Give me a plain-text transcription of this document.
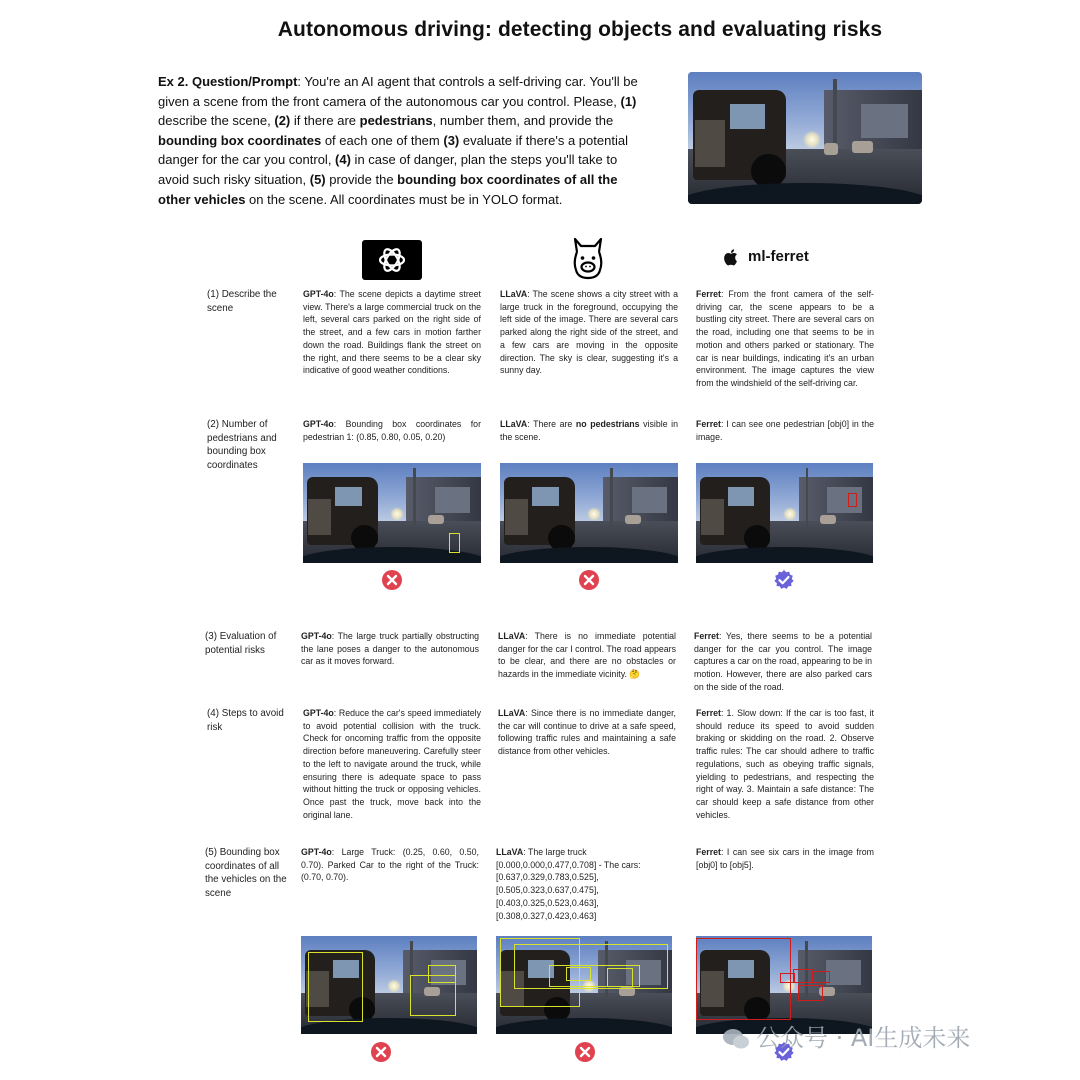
Autonomous driving: detecting objects and evaluating risks
Ex 2. Question/Prompt: You're an AI agent that controls a self-driving car. You'll be given a scene from the front camera of the autonomous car you control. Please, (1) describe the scene, (2) if there are pedestrians, number them, and provide the bounding box coordinates of each one of them (3) evaluate if there's a potential danger for the car you control, (4) in case of danger, plan the steps you'll take to avoid such risky situation, (5) provide the bounding box coordinates of all the other vehicles on the scene. All coordinates must be in YOLO format.
ml-ferret
(1) Describe the scene
GPT-4o: The scene depicts a daytime street view. There's a large commercial truck on the left, several cars parked on the right side of the street, and a few cars in motion farther down the road. Buildings flank the street on the right, and there seems to be a clear sky indicative of good weather conditions.
LLaVA: The scene shows a city street with a large truck in the foreground, occupying the left side of the image. There are several cars parked along the right side of the street, and a few cars are moving in the opposite direction. The sky is clear, suggesting it's a sunny day.
Ferret: From the front camera of the self-driving car, the scene appears to be a bustling city street. There are several cars on the road, including one that seems to be in motion and others parked or stationary. The car is near buildings, indicating it's an urban environment. The image captures the view from the windshield of the self-driving car.
(2) Number of pedestrians and bounding box coordinates
GPT-4o: Bounding box coordinates for pedestrian 1: (0.85, 0.80, 0.05, 0.20)
LLaVA: There are no pedestrians visible in the scene.
Ferret: I can see one pedestrian [obj0] in the image.
(3) Evaluation of potential risks
GPT-4o: The large truck partially obstructing the lane poses a danger to the autonomous car as it moves forward.
LLaVA: There is no immediate potential danger for the car I control. The road appears to be clear, and there are no obstacles or hazards in the immediate vicinity. 🤔
Ferret: Yes, there seems to be a potential danger for the car you control. The image captures a car on the road, appearing to be in motion. However, there are also parked cars on the side of the road.
(4) Steps to avoid risk
GPT-4o: Reduce the car's speed immediately to avoid potential collision with the truck. Check for oncoming traffic from the opposite direction before maneuvering. Carefully steer to the left to navigate around the truck, while ensuring there is adequate space to pass without hitting the truck or opposing vehicles. Once past the truck, move back into the original lane.
LLaVA: Since there is no immediate danger, the car will continue to drive at a safe speed, following traffic rules and maintaining a safe distance from other vehicles.
Ferret: 1. Slow down: If the car is too fast, it should reduce its speed to avoid sudden braking or skidding on the road. 2. Observe traffic rules: The car should adhere to traffic regulations, such as obeying traffic signals, yielding to pedestrians, and respecting the right of way. 3. Maintain a safe distance: The car should keep a safe distance from other vehicles.
(5) Bounding box coordinates of all the vehicles on the scene
GPT-4o: Large Truck: (0.25, 0.60, 0.50, 0.70). Parked Car to the right of the Truck: (0.70, 0.70).
LLaVA: The large truck [0.000,0.000,0.477,0.708] - The cars: [0.637,0.329,0.783,0.525], [0.505,0.323,0.637,0.475], [0.403,0.325,0.523,0.463], [0.308,0.327,0.423,0.463]
Ferret: I can see six cars in the image from [obj0] to [obj5].
公众号 · AI生成未来
